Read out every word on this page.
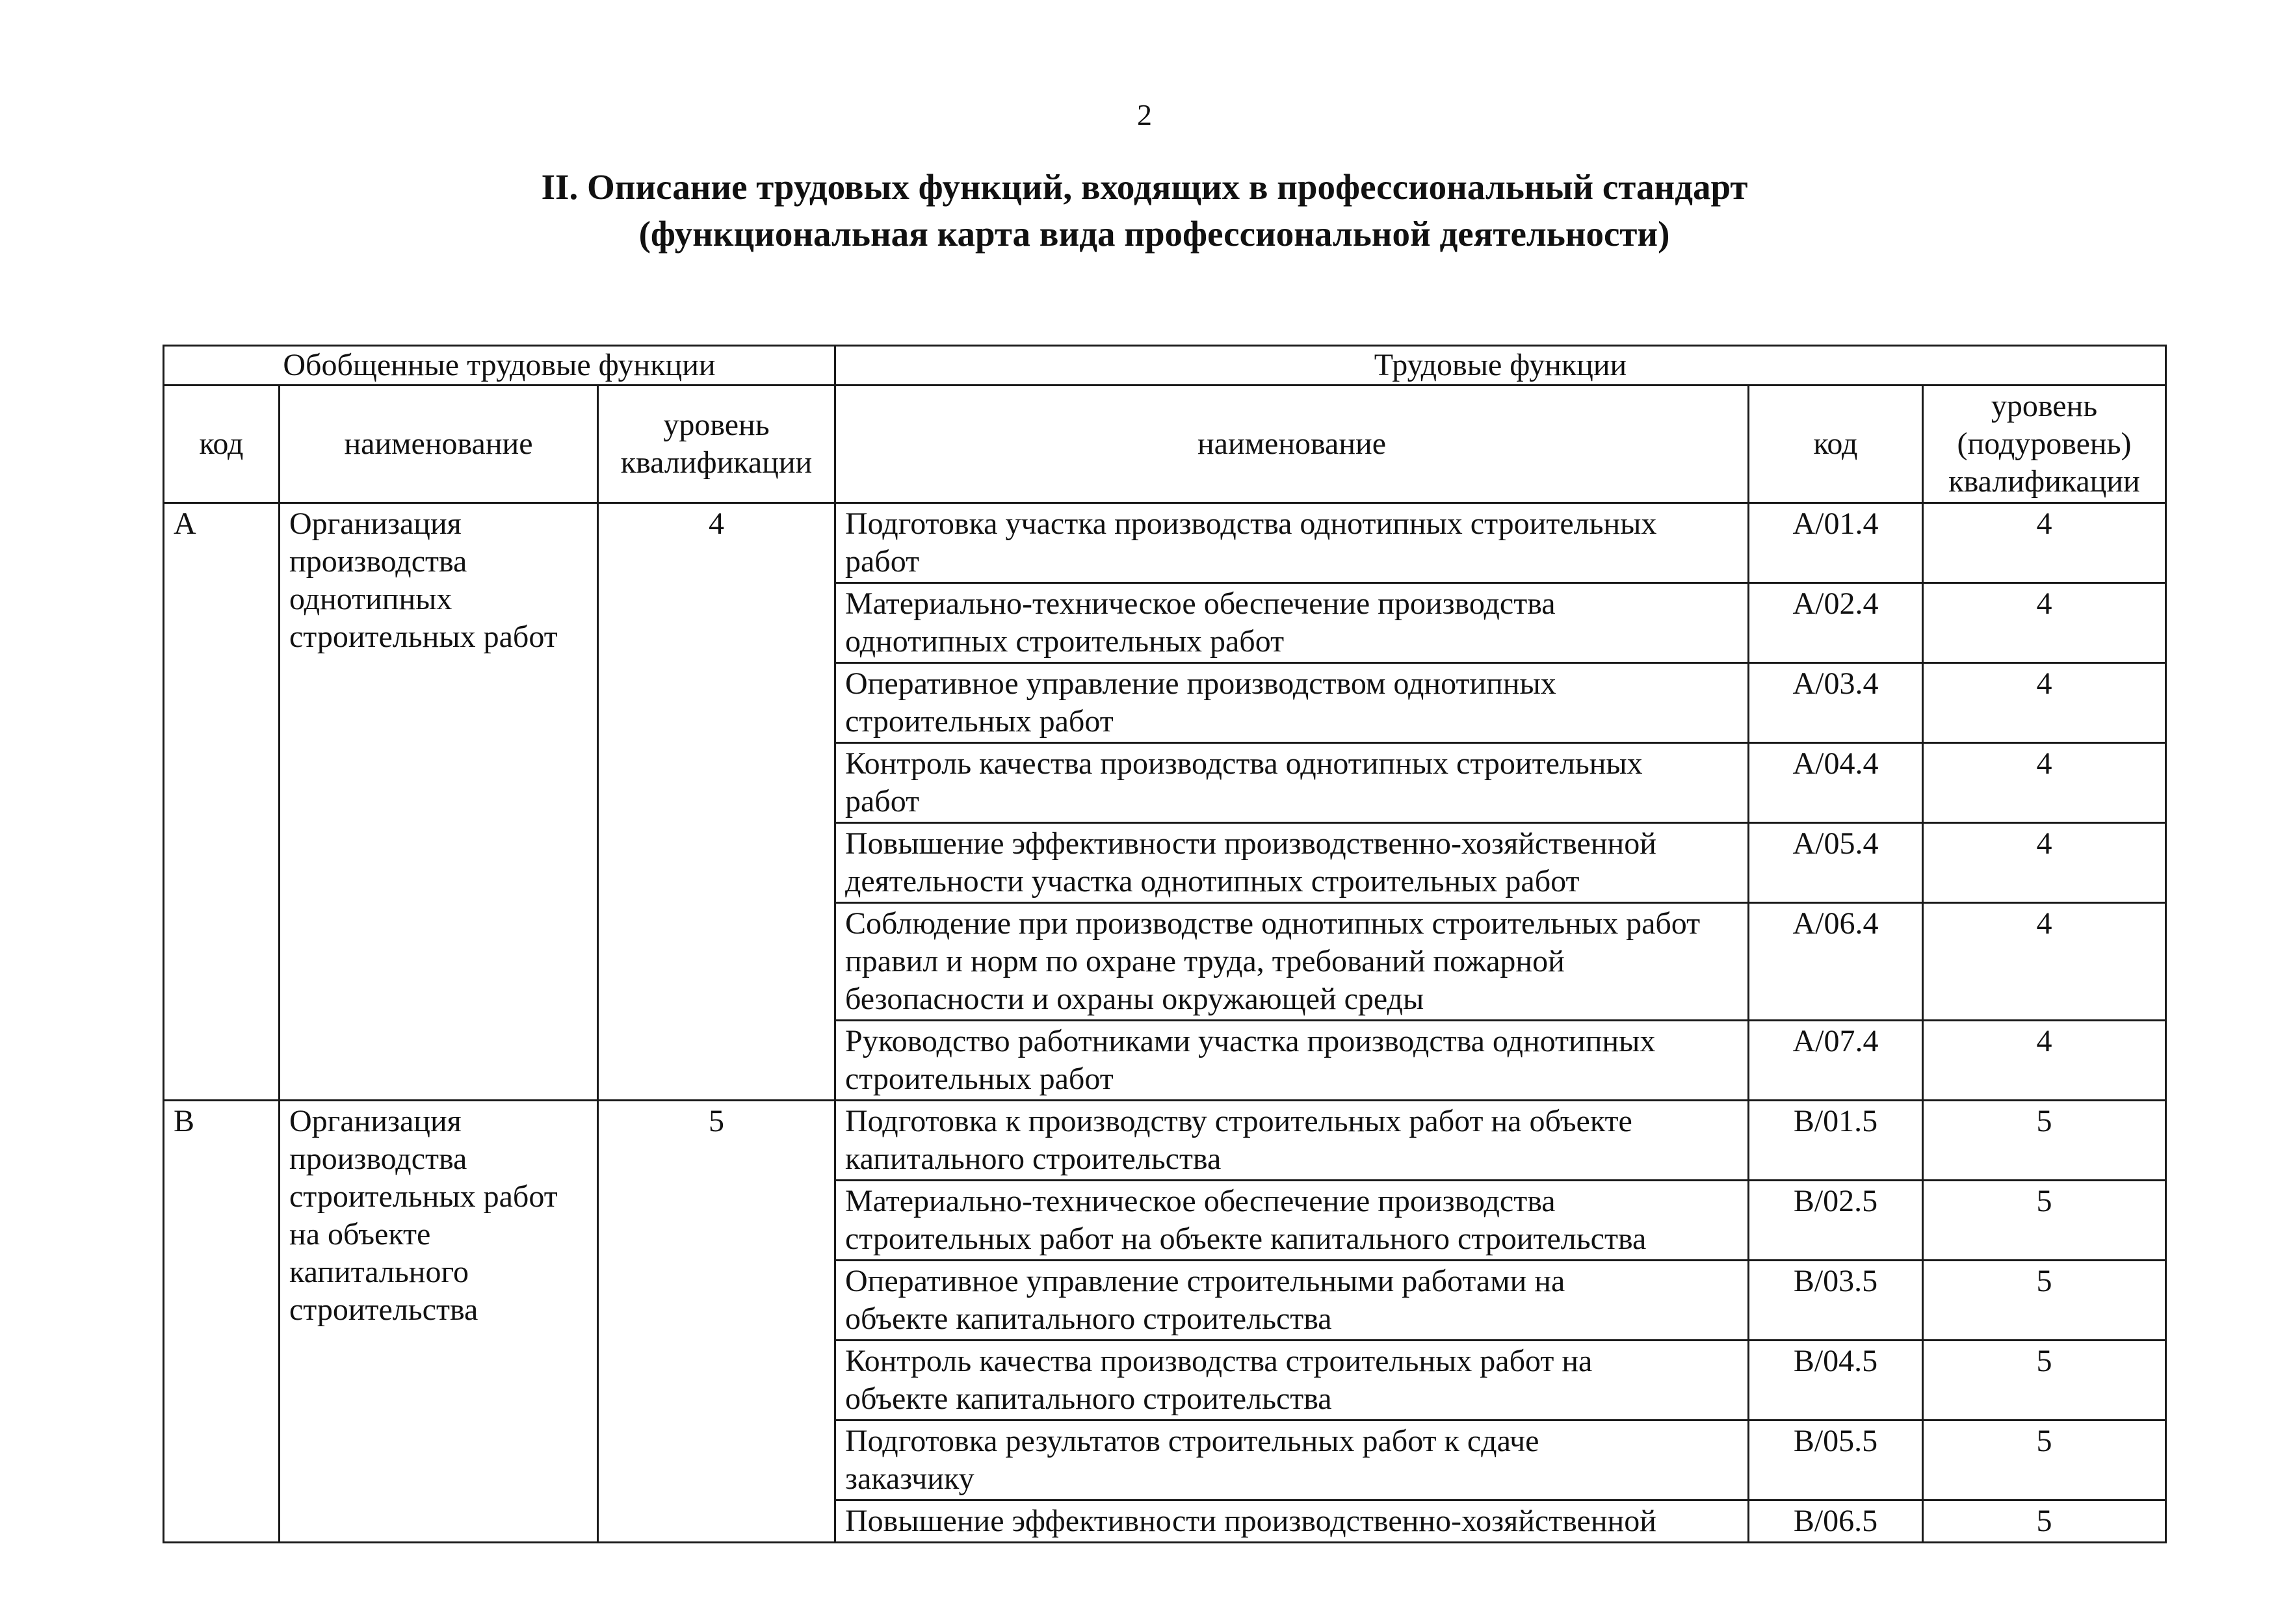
2
II. Описание трудовых функций, входящих в профессиональный стандарт
(функциональная карта вида профессиональной деятельности)
Обобщенные трудовые функции			Трудовые функции		
код	наименование	уровень квалификации	наименование	код	уровень (подуровень) квалификации
A	Организация производства однотипных строительных работ	4	Подготовка участка производства однотипных строительных
работ	A/01.4	4
			Материально-техническое обеспечение производства
однотипных строительных работ	A/02.4	4
			Оперативное управление производством однотипных
строительных работ	A/03.4	4
			Контроль качества производства однотипных строительных
работ	A/04.4	4
			Повышение эффективности производственно-хозяйственной
деятельности участка однотипных строительных работ	A/05.4	4
			Соблюдение при производстве однотипных строительных работ
правил и норм по охране труда, требований пожарной
безопасности и охраны окружающей среды	A/06.4	4
			Руководство работниками участка производства однотипных
строительных работ	A/07.4	4
B	Организация производства строительных работ на объекте капитального строительства	5	Подготовка к производству строительных работ на объекте
капитального строительства	B/01.5	5
			Материально-техническое обеспечение производства
строительных работ на объекте капитального строительства	B/02.5	5
			Оперативное управление строительными работами на
объекте капитального строительства	B/03.5	5
			Контроль качества производства строительных работ на
объекте капитального строительства	B/04.5	5
			Подготовка результатов строительных работ к сдаче
заказчику	B/05.5	5
			Повышение эффективности производственно-хозяйственной	B/06.5	5
